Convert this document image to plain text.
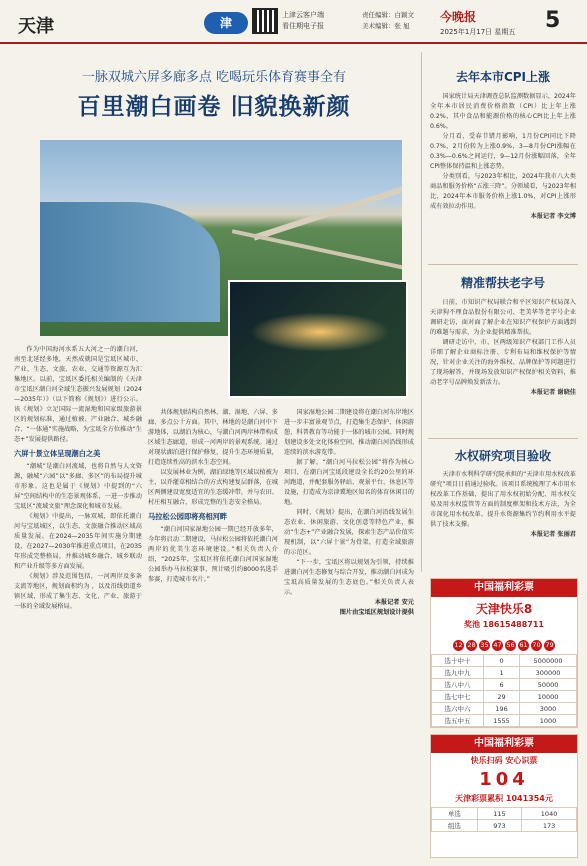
天津	津
上津云客户端
看住期电子报
责任编辑：白颖文
美术编辑：张 旭
今晚报
2025年1月17日 星期五 5
一脉双城六屏多廊多点 吃喝玩乐体育赛事全有
百里潮白画卷 旧貌换新颜

作为中国海河水系五大河之一的潮白河，南至北延经多地，天然成就国是宝坻区城市、产业、生态、文旅、农业、交通等资源互为汇集地区。以前，宝坻区委托相关编制的《天津市宝坻区潮白河全域生态振兴发展规划（2024—2035年）》（以下简称《规划》）进行公示。该《规划》立足国际一流湿地和国家级旅游景区的规划标准，通过植被、产业融合、城乡融合、“一体通”实施战略，为宝坻全方位推动“生态+”发展提供路径。

六屏十景立体呈现潮白之美

“潮城”是潮白河流域，也将自然与人文资源，融城“六园”以“多廊、多区”的布局提升城市形象。这也是属于《规划》中提到的“六屏”空间结构中的生态景观体系，一进一步推动宝坻区“流域文旅”理念深化和城市发展。

《规划》中提出，一脉双城，即依托潮白河与宝坻城区，以生态、文旅融合推动区域高质量发展。在2024—2035年间实施分期建设，在2027—2030年推进重点项目，在2035年形成完整格局，并推动城乡融合、城乡联动和产业升级等多方面发展。

《规划》涉及范围包括，一河两岸及多条支流等地区，规划面积约为 ，以及沿线街道乡镇区域，形成了集生态、文化、产业、旅游于一体的全域发展格局。

共体规划结构自然林、湖、湿地、六屏、多廊、多点公十方面。其中，林地的是潮白河中下游地体，以湖泊为核心，与潮白河两岸林带构成区域生态廊道，形成一河两岸的景观系统。通过对现状湖泊进行保护修复，提升生态环境质量，打造连续性高的滨水生态空间。

以发展林业为例，湖泊绿地等区域以植被为主，以乔灌草相结合的方式构建复层群落，在城区两侧建设宽度适宜的生态缓冲带，并与农田、村庄相互融合，形成完整的生态安全格局。

马拉松公园即将亮相河畔

“潮白河国家湿地公园一期已经开放多年，今年将启动二期建设，马拉松公园将依托潮白河两岸的优美生态环境建设。”相关负责人介绍，“2025年，宝坻区将依托潮白河国家湿地公园举办马拉松赛事，预计吸引约8000名选手参赛，打造城市名片。”

国家湿地公园二期建设将在潮白河东岸地区进一步丰富景观节点，打造集生态保护、休闲游憩、科普教育等功能于一体的城市公园。同时规划建设多处文化体验空间，推动潮白河沿线形成连续的滨水游览带。

据了解，“潮白河马拉松公园”将作为核心项目，在潮白河宝坻段建设全长约20公里的环河跑道，并配套服务驿站、观景平台、休息区等设施，打造成为京津冀地区知名的体育休闲目的地。

同时，《规划》提出，在潮白河沿线发展生态农业、休闲旅游、文化创意等特色产业，推动“生态+”产业融合发展，探索生态产品价值实现机制，以“六屏十景”为骨架，打造全域旅游的示范区。

“下一步，宝坻区将以规划为引领，持续推进潮白河生态修复与综合开发，推动潮白河成为宝坻高质量发展的生态底色。”相关负责人表示。

本报记者 安元
图片由宝坻区规划设计提供
去年本市CPI上涨

国家统计局天津调查总队监测数据显示，2024年全年本市居民消费价格指数（CPI）比上年上涨0.2%，其中食品和能源价格的核心CPI比上年上涨0.6%。

分月看，受春节错月影响，1月份CPI同比下降0.7%，2月份转为上涨0.9%，3—8月份CPI涨幅在0.3%—0.6%之间运行，9—12月份涨幅回落，全年CPI整体保持温和上涨态势。

分类别看，与2023年相比，2024年我市八大类商品和服务价格“五涨三降”。分领域看，与2023年相比，2024年本市服务价格上涨1.0%，对CPI上涨形成有效拉动作用。

本报记者 李文博
精准帮扶老字号

日前，市知识产权局联合和平区知识产权局深入天津狗不理食品股份有限公司、老美华等老字号企业调研走访，面对面了解企业在知识产权保护方面遇到的难题与需求，为企业提供精准帮扶。

调研走访中，市、区两级知识产权部门工作人员详细了解企业商标注册、专利布局和维权保护等情况，针对企业关注的海外维权、品牌保护等问题进行了现场解答，并现场发放知识产权保护相关资料，推动老字号品牌焕发新活力。

本报记者 谢晓佳
水权研究项目验收

天津市水利科学研究院承担的“天津市用水权改革研究”项目日前通过验收。该项目系统梳理了本市用水权改革工作基础，提出了用水权初始分配、用水权交易及用水权监管等方面的制度框架和技术方法，为全市深化用水权改革、提升水资源集约节约利用水平提供了技术支撑。

本报记者 张丽君
中国福利彩票
天津快乐8
奖池 18615488711
12 28 35 47 56 61 70 79
选十中十	0	5000000
选九中九	1	300000
选八中八	6	50000
选七中七	29	10000
选六中六	196	3000
选五中五	1555	1000
中国福利彩票
快乐扫码 安心识票
104
天津彩票累积 1041354元
单选	115	1040
组选	973	173
